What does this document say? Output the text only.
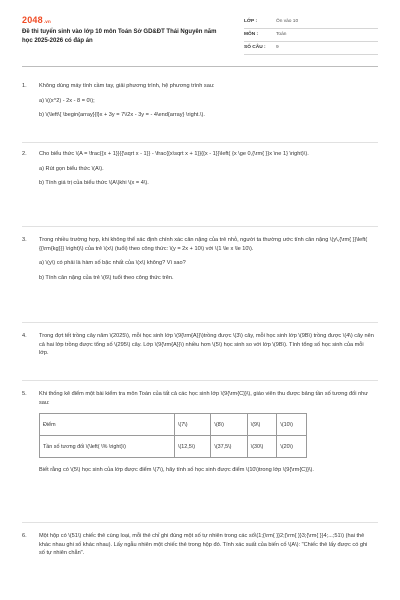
2048.vn
Đề thi tuyển sinh vào lớp 10 môn Toán Sở GD&ĐT Thái Nguyên năm học 2025-2026 có đáp án
LỚP :	Ôn vào 10
MÔN :	Toán
SỐ CÂU :	9
1.	Không dùng máy tính cầm tay, giải phương trình, hệ phương trình sau:

a) \((x^2) - 2x - 8 = 0\);

b) \(\left\{ \begin{array}{l}x + 3y = 7\\2x - 3y = - 4\end{array} \right.\).

2.	Cho biểu thức \(A = \frac{{x + 1}}{{\sqrt x - 1}} - \frac{{x\sqrt x + 1}}{{x - 1}}\left( {x \ge 0,{\rm{ }}x \ne 1} \right)\).

a) Rút gọn biểu thức \(A\).

b) Tính giá trị của biểu thức \(A\)khi \(x = 4\).

3.	Trong nhiều trường hợp, khi không thể xác định chính xác cân nặng của trẻ nhỏ, người ta thường ước tính cân nặng \(y\,{\rm{ }}\left( {{\rm{kg}}} \right)\) của trẻ \(x\) (tuổi) theo công thức: \(y = 2x + 10\) với \(1 \le x \le 10\).

a) \(y\) có phải là hàm số bậc nhất của \(x\) không? Vì sao?

b) Tính cân nặng của trẻ \(6\) tuổi theo công thức trên.

4.	Trong đợt tết trồng cây năm \(2025\), mỗi học sinh lớp \(9{\rm{A}}\)trồng được \(3\) cây, mỗi học sinh lớp \(9B\) trồng được \(4\) cây nên cả hai lớp trồng được tổng số \(295\) cây. Lớp \(9{\rm{A}}\) nhiều hơn \(5\) học sinh so với lớp \(9B\). Tính tổng số học sinh của mỗi lớp.

5.	Khi thống kê điểm một bài kiểm tra môn Toán của tất cả các học sinh lớp \(9{\rm{C}}\), giáo viên thu được bảng tần số tương đối như sau:

Điểm	\(7\)	\(8\)	\(9\)	\(10\)
Tần số tương đối \(\left( \% \right)\)	\(12,5\)	\(37,5\)	\(30\)	\(20\)

Biết rằng có \(5\) học sinh của lớp được điểm \(7\), hãy tính số học sinh được điểm \(10\)trong lớp \(9{\rm{C}}\).

6.	Một hộp có \(51\) chiếc thẻ cùng loại, mỗi thẻ chỉ ghi đúng một số tự nhiên trong các số\(1;{\rm{ }}2;{\rm{ }}3;{\rm{ }}4;...;51\) (hai thẻ khác nhau ghi số khác nhau). Lấy ngẫu nhiên một chiếc thẻ trong hộp đó. Tính xác suất của biến cố \(A\): "Chiếc thẻ lấy được có ghi số tự nhiên chẵn".
